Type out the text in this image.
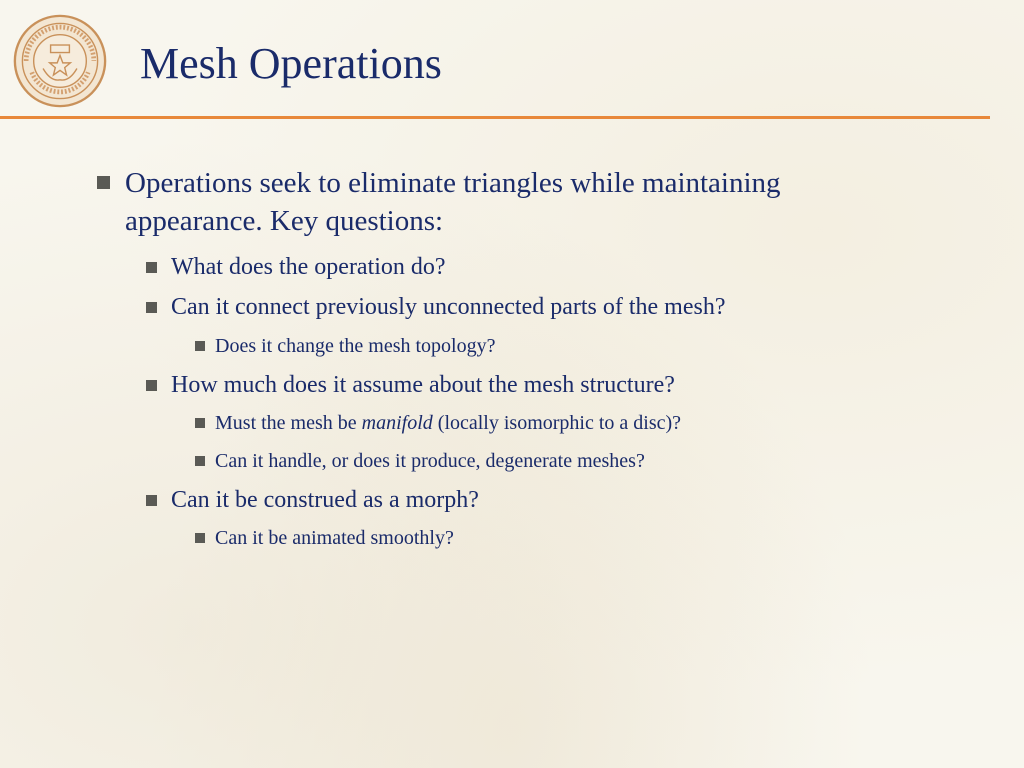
Mesh Operations
Operations seek to eliminate triangles while maintaining appearance. Key questions:
What does the operation do?
Can it connect previously unconnected parts of the mesh?
Does it change the mesh topology?
How much does it assume about the mesh structure?
Must the mesh be manifold (locally isomorphic to a disc)?
Can it handle, or does it produce, degenerate meshes?
Can it be construed as a morph?
Can it be animated smoothly?
